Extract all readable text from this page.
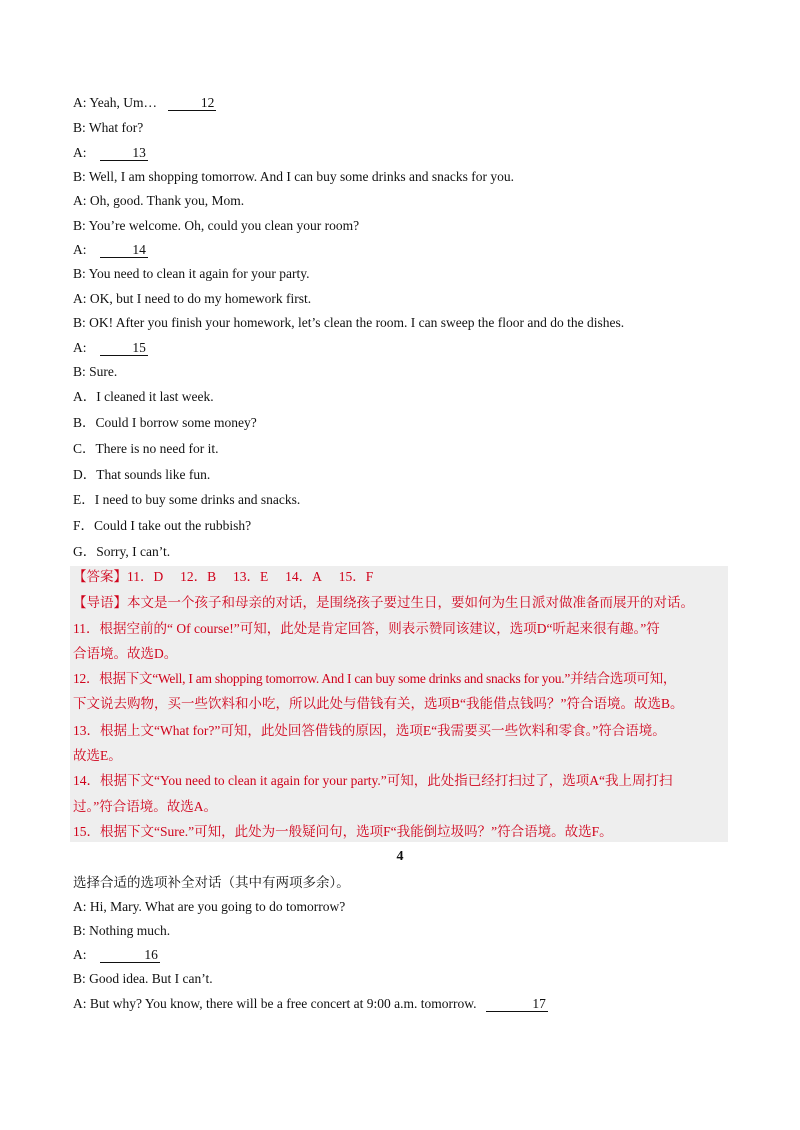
A: Yeah, Um…	12
B: What for?
A:	13
B: Well, I am shopping tomorrow. And I can buy some drinks and snacks for you.
A: Oh, good. Thank you, Mom.
B: You’re welcome. Oh, could you clean your room?
A:	14
B: You need to clean it again for your party.
A: OK, but I need to do my homework first.
B: OK! After you finish your homework, let’s clean the room. I can sweep the floor and do the dishes.
A:	15
B: Sure.
A．I cleaned it last week.
B．Could I borrow some money?
C．There is no need for it.
D．That sounds like fun.
E．I need to buy some drinks and snacks.
F．Could I take out the rubbish?
G．Sorry, I can’t.
【答案】11．D     12．B     13．E     14．A     15．F
【导语】本文是一个孩子和母亲的对话，是围绕孩子要过生日，要如何为生日派对做准备而展开的对话。
11．根据空前的“ Of course!”可知，此处是肯定回答，则表示赞同该建议，选项D“听起来很有趣。”符
合语境。故选D。
12．根据下文“Well, I am shopping tomorrow. And I can buy some drinks and snacks for you.”并结合选项可知，
下文说去购物，买一些饮料和小吃，所以此处与借钱有关，选项B“我能借点钱吗？”符合语境。故选B。
13．根据上文“What for?”可知，此处回答借钱的原因，选项E“我需要买一些饮料和零食。”符合语境。
故选E。
14．根据下文“You need to clean it again for your party.”可知，此处指已经打扫过了，选项A“我上周打扫
过。”符合语境。故选A。
15．根据下文“Sure.”可知，此处为一般疑问句，选项F“我能倒垃圾吗？”符合语境。故选F。
4
选择合适的选项补全对话（其中有两项多余）。
A: Hi, Mary. What are you going to do tomorrow?
B: Nothing much.
A:	16
B: Good idea. But I can’t.
A: But why? You know, there will be a free concert at 9:00 a.m. tomorrow.	17
